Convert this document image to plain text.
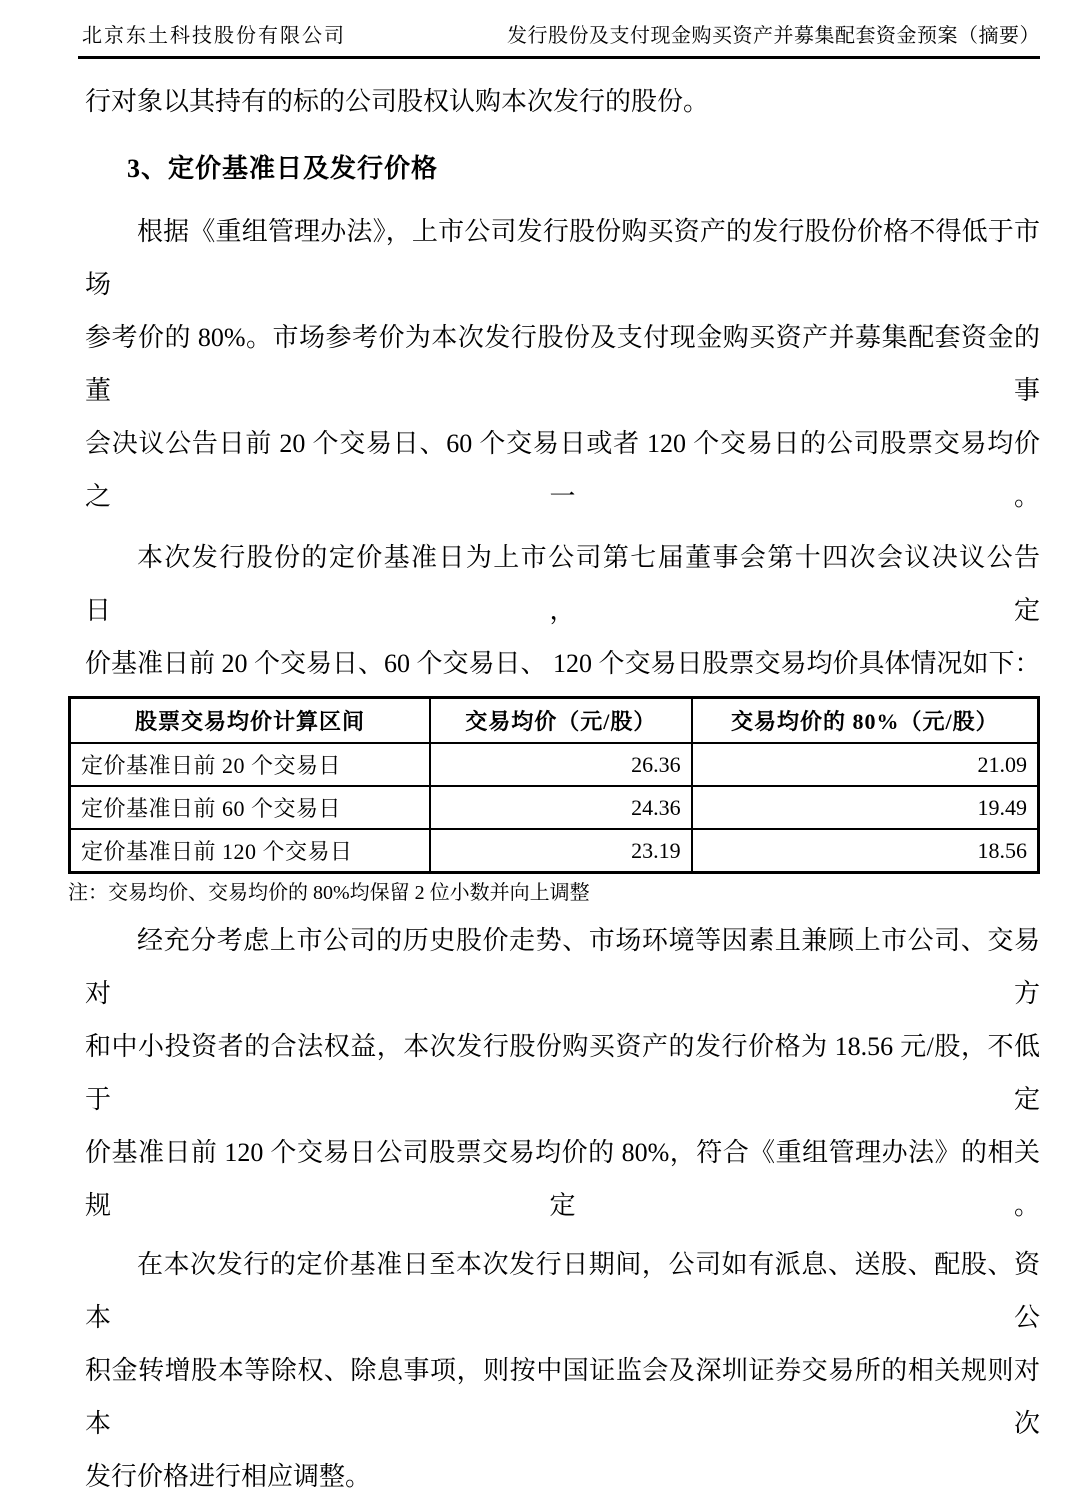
北京东土科技股份有限公司	发行股份及支付现金购买资产并募集配套资金预案（摘要）
行对象以其持有的标的公司股权认购本次发行的股份。
3、定价基准日及发行价格
根据《重组管理办法》，上市公司发行股份购买资产的发行股份价格不得低于市场
参考价的 80%。市场参考价为本次发行股份及支付现金购买资产并募集配套资金的董事
会决议公告日前 20 个交易日、60 个交易日或者 120 个交易日的公司股票交易均价之一。
本次发行股份的定价基准日为上市公司第七届董事会第十四次会议决议公告日，定
价基准日前 20 个交易日、60 个交易日、 120 个交易日股票交易均价具体情况如下：
股票交易均价计算区间	交易均价（元/股）	交易均价的 80%（元/股）
定价基准日前 20 个交易日	26.36	21.09
定价基准日前 60 个交易日	24.36	19.49
定价基准日前 120 个交易日	23.19	18.56
注：交易均价、交易均价的 80%均保留 2 位小数并向上调整
经充分考虑上市公司的历史股价走势、市场环境等因素且兼顾上市公司、交易对方
和中小投资者的合法权益，本次发行股份购买资产的发行价格为 18.56 元/股，不低于定
价基准日前 120 个交易日公司股票交易均价的 80%，符合《重组管理办法》的相关规定。
在本次发行的定价基准日至本次发行日期间，公司如有派息、送股、配股、资本公
积金转增股本等除权、除息事项，则按中国证监会及深圳证券交易所的相关规则对本次
发行价格进行相应调整。
